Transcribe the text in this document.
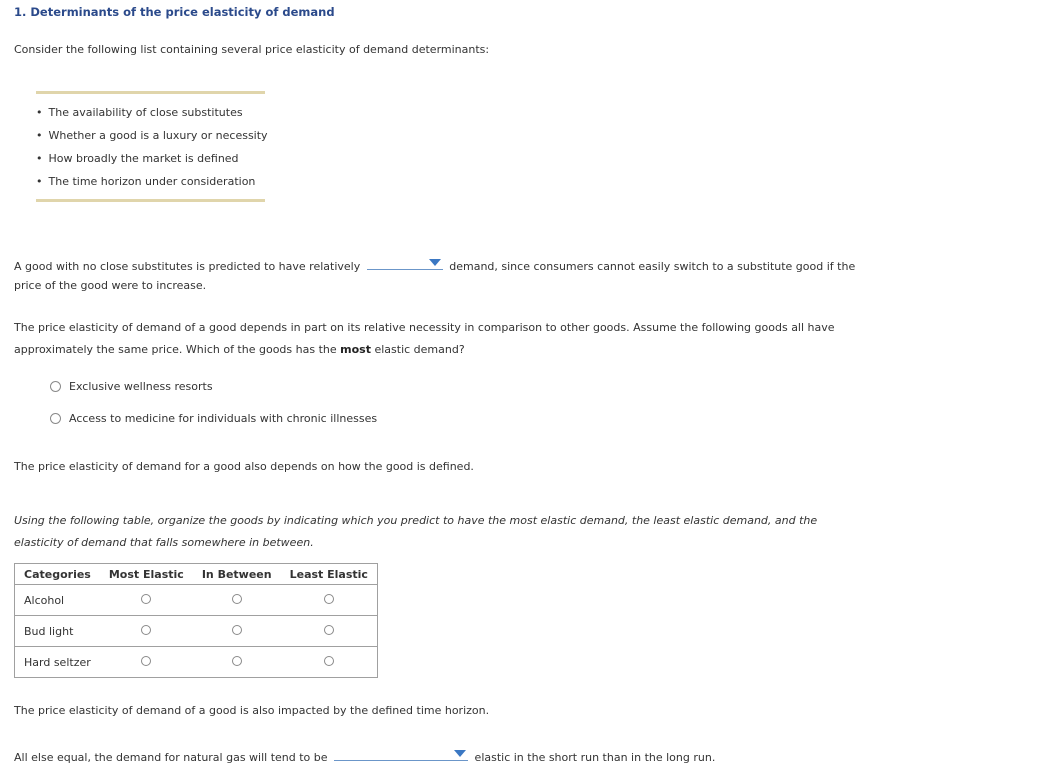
1. Determinants of the price elasticity of demand
Consider the following list containing several price elasticity of demand determinants:
• The availability of close substitutes
• Whether a good is a luxury or necessity
• How broadly the market is defined
• The time horizon under consideration
A good with no close substitutes is predicted to have relatively	demand, since consumers cannot easily switch to a substitute good if the
price of the good were to increase.
The price elasticity of demand of a good depends in part on its relative necessity in comparison to other goods. Assume the following goods all have
approximately the same price. Which of the goods has the most elastic demand?
Exclusive wellness resorts
Access to medicine for individuals with chronic illnesses
The price elasticity of demand for a good also depends on how the good is defined.
Using the following table, organize the goods by indicating which you predict to have the most elastic demand, the least elastic demand, and the
elasticity of demand that falls somewhere in between.
Categories	Most Elastic	In Between	Least Elastic
Alcohol			
Bud light			
Hard seltzer			
The price elasticity of demand of a good is also impacted by the defined time horizon.
All else equal, the demand for natural gas will tend to be	elastic in the short run than in the long run.
